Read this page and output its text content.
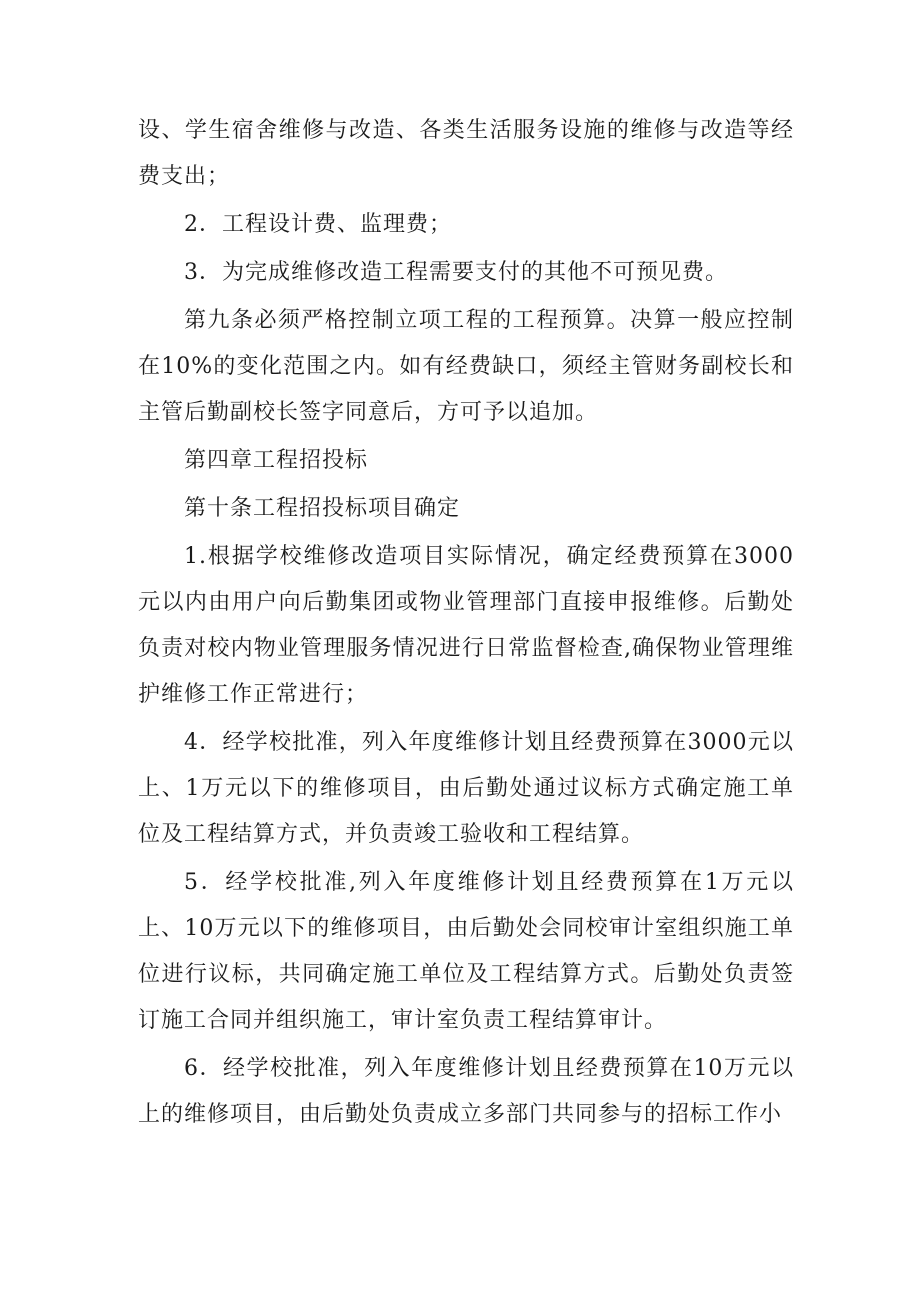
设、学生宿舍维修与改造、各类生活服务设施的维修与改造等经费支出；

2．工程设计费、监理费；

3．为完成维修改造工程需要支付的其他不可预见费。

第九条必须严格控制立项工程的工程预算。决算一般应控制在10%的变化范围之内。如有经费缺口，须经主管财务副校长和主管后勤副校长签字同意后，方可予以追加。

第四章工程招投标

第十条工程招投标项目确定

1.根据学校维修改造项目实际情况，确定经费预算在3000元以内由用户向后勤集团或物业管理部门直接申报维修。后勤处负责对校内物业管理服务情况进行日常监督检查,确保物业管理维护维修工作正常进行；

4．经学校批准，列入年度维修计划且经费预算在3000元以上、1万元以下的维修项目，由后勤处通过议标方式确定施工单位及工程结算方式，并负责竣工验收和工程结算。

5．经学校批准,列入年度维修计划且经费预算在1万元以上、10万元以下的维修项目，由后勤处会同校审计室组织施工单位进行议标，共同确定施工单位及工程结算方式。后勤处负责签订施工合同并组织施工，审计室负责工程结算审计。

6．经学校批准，列入年度维修计划且经费预算在10万元以上的维修项目，由后勤处负责成立多部门共同参与的招标工作小
